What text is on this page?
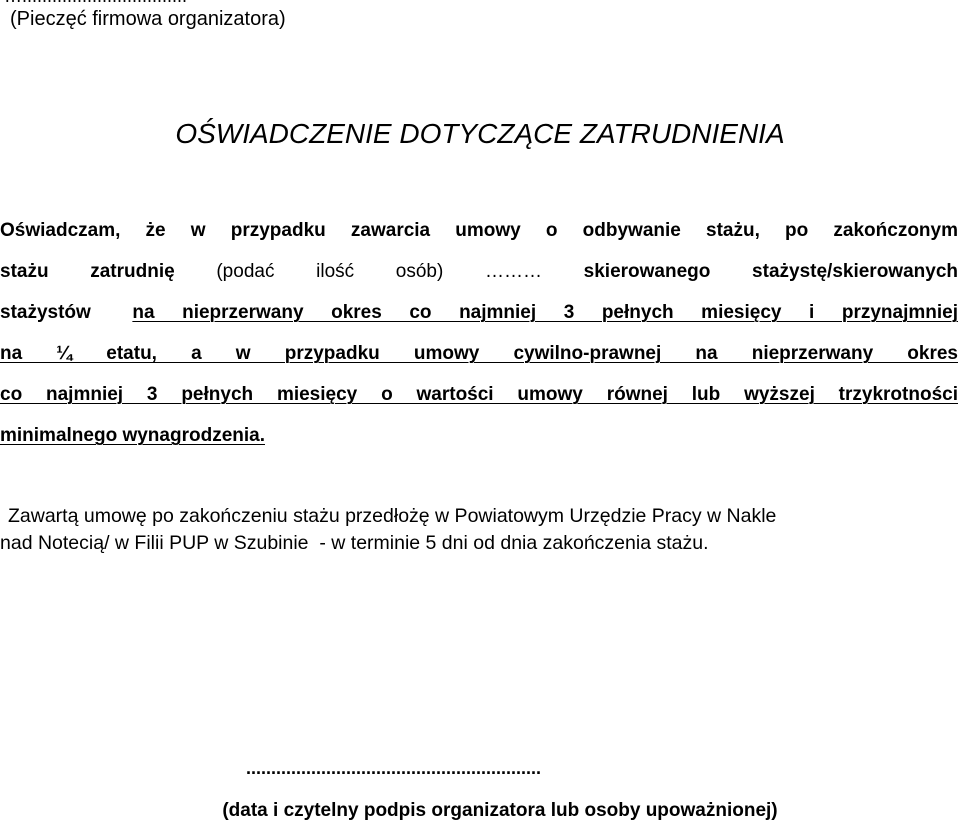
(Pieczęć firmowa organizatora)
OŚWIADCZENIE DOTYCZĄCE ZATRUDNIENIA
Oświadczam, że w przypadku zawarcia umowy o odbywanie stażu, po zakończonym
stażu zatrudnię (podać ilość osób) ……… skierowanego stażystę/skierowanych
stażystów na nieprzerwany okres co najmniej 3 pełnych miesięcy i przynajmniej
na ¼ etatu, a w przypadku umowy cywilno-prawnej na nieprzerwany okres
co najmniej 3 pełnych miesięcy o wartości umowy równej lub wyższej trzykrotności
minimalnego wynagrodzenia.
Zawartą umowę po zakończeniu stażu przedłożę w Powiatowym Urzędzie Pracy w Nakle
nad Notecią/ w Filii PUP w Szubinie  - w terminie 5 dni od dnia zakończenia stażu.
...........................................................
(data i czytelny podpis organizatora lub osoby upoważnionej)
